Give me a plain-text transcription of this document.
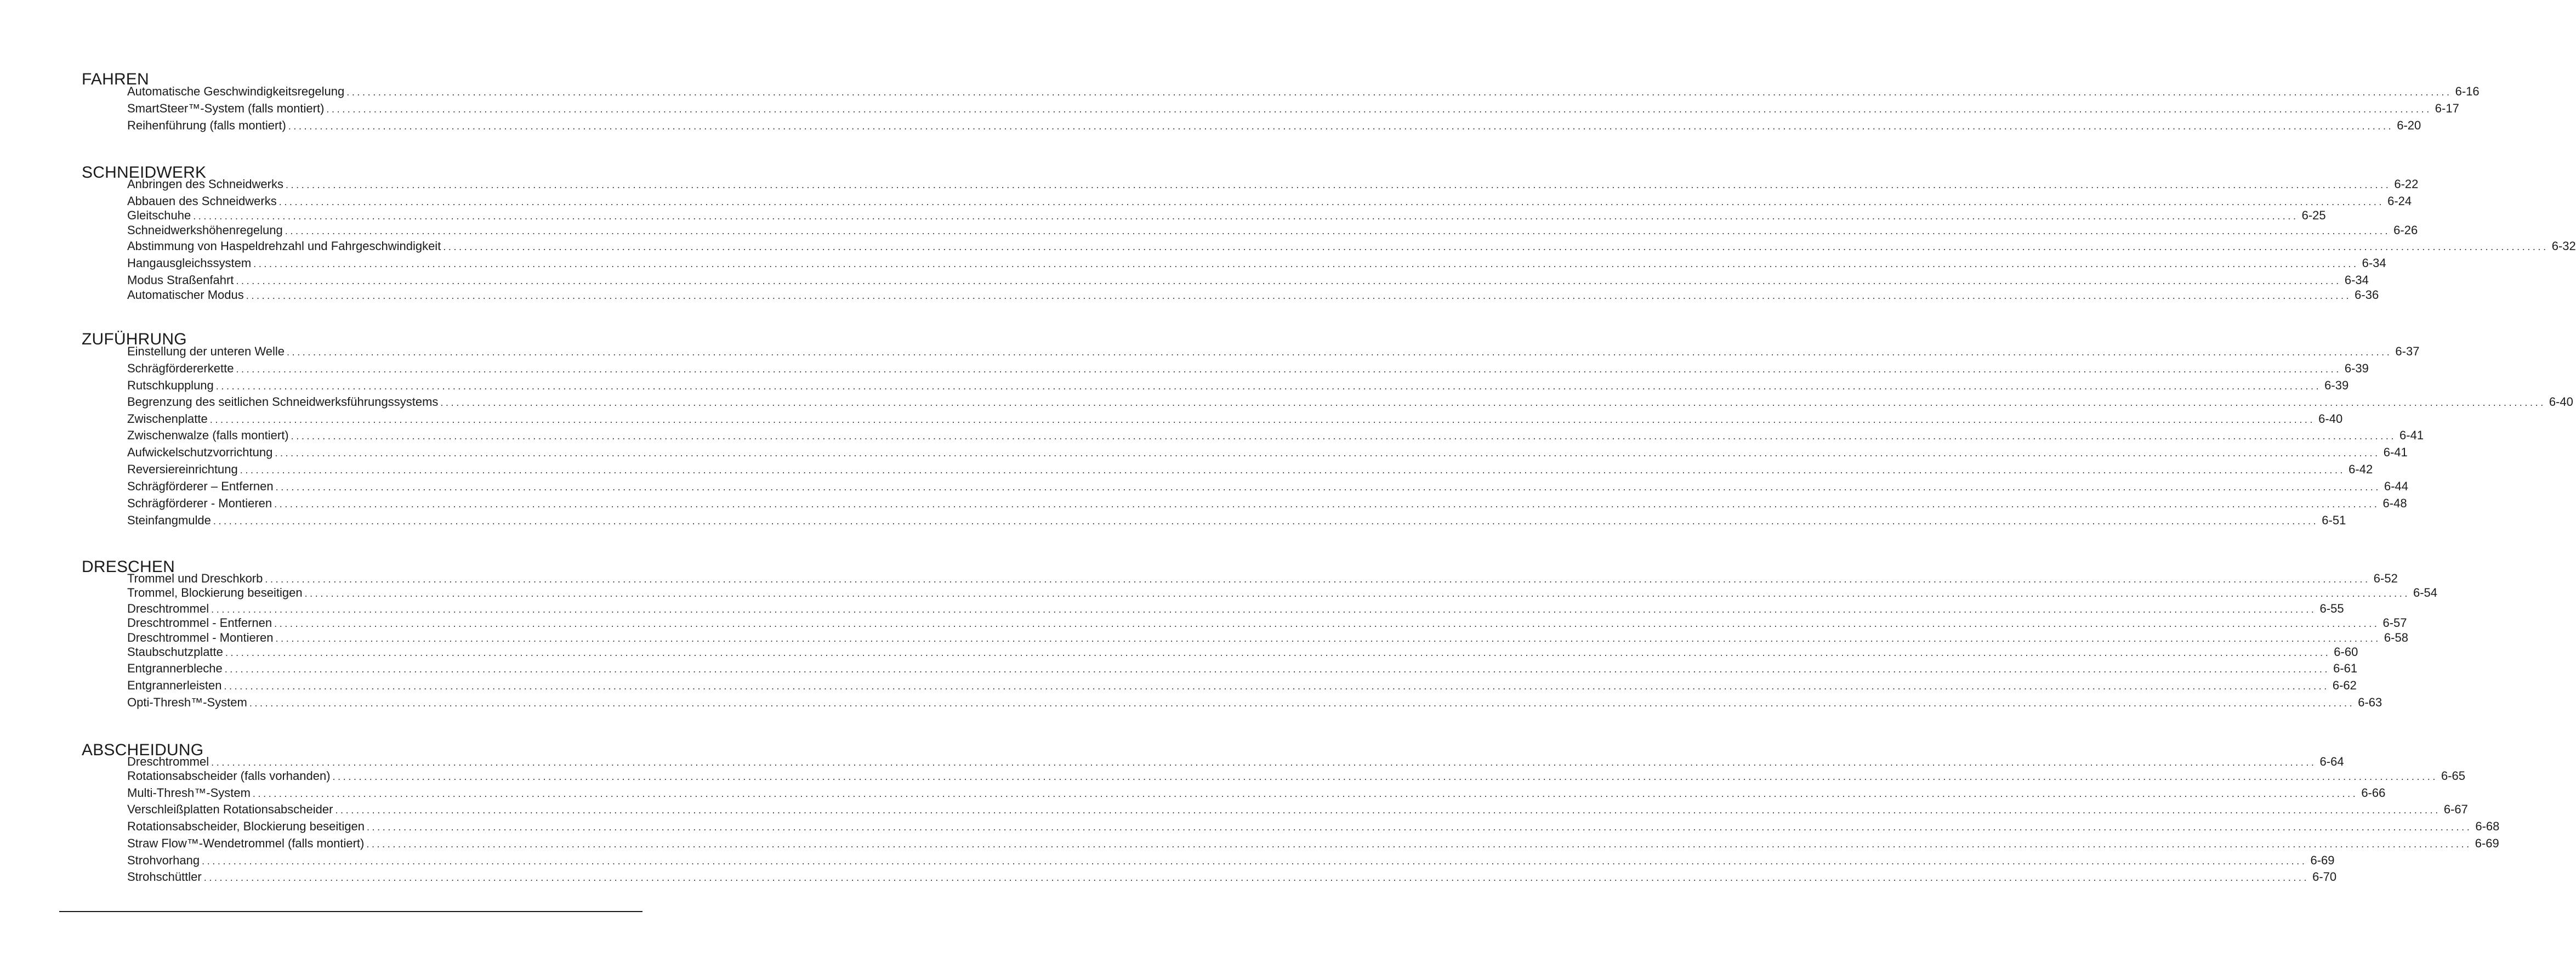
FAHREN
Automatische Geschwindigkeitsregelung ................................................................................................................................................................................................................................................................................................................................................................................................................ 6-16
SmartSteer™-System (falls montiert) ................................................................................................................................................................................................................................................................................................................................................................................................................ 6-17
Reihenführung (falls montiert) ................................................................................................................................................................................................................................................................................................................................................................................................................ 6-20
SCHNEIDWERK
Anbringen des Schneidwerks ................................................................................................................................................................................................................................................................................................................................................................................................................ 6-22
Abbauen des Schneidwerks ................................................................................................................................................................................................................................................................................................................................................................................................................ 6-24
Gleitschuhe ................................................................................................................................................................................................................................................................................................................................................................................................................ 6-25
Schneidwerkshöhenregelung ................................................................................................................................................................................................................................................................................................................................................................................................................ 6-26
Abstimmung von Haspeldrehzahl und Fahrgeschwindigkeit ................................................................................................................................................................................................................................................................................................................................................................................................................ 6-32
Hangausgleichssystem ................................................................................................................................................................................................................................................................................................................................................................................................................ 6-34
Modus Straßenfahrt ................................................................................................................................................................................................................................................................................................................................................................................................................ 6-34
Automatischer Modus ................................................................................................................................................................................................................................................................................................................................................................................................................ 6-36
ZUFÜHRUNG
Einstellung der unteren Welle ................................................................................................................................................................................................................................................................................................................................................................................................................ 6-37
Schrägfördererkette ................................................................................................................................................................................................................................................................................................................................................................................................................ 6-39
Rutschkupplung ................................................................................................................................................................................................................................................................................................................................................................................................................ 6-39
Begrenzung des seitlichen Schneidwerksführungssystems ................................................................................................................................................................................................................................................................................................................................................................................................................ 6-40
Zwischenplatte ................................................................................................................................................................................................................................................................................................................................................................................................................ 6-40
Zwischenwalze (falls montiert) ................................................................................................................................................................................................................................................................................................................................................................................................................ 6-41
Aufwickelschutzvorrichtung ................................................................................................................................................................................................................................................................................................................................................................................................................ 6-41
Reversiereinrichtung ................................................................................................................................................................................................................................................................................................................................................................................................................ 6-42
Schrägförderer – Entfernen ................................................................................................................................................................................................................................................................................................................................................................................................................ 6-44
Schrägförderer - Montieren ................................................................................................................................................................................................................................................................................................................................................................................................................ 6-48
Steinfangmulde ................................................................................................................................................................................................................................................................................................................................................................................................................ 6-51
DRESCHEN
Trommel und Dreschkorb ................................................................................................................................................................................................................................................................................................................................................................................................................ 6-52
Trommel, Blockierung beseitigen ................................................................................................................................................................................................................................................................................................................................................................................................................ 6-54
Dreschtrommel ................................................................................................................................................................................................................................................................................................................................................................................................................ 6-55
Dreschtrommel - Entfernen ................................................................................................................................................................................................................................................................................................................................................................................................................ 6-57
Dreschtrommel - Montieren ................................................................................................................................................................................................................................................................................................................................................................................................................ 6-58
Staubschutzplatte ................................................................................................................................................................................................................................................................................................................................................................................................................ 6-60
Entgrannerbleche ................................................................................................................................................................................................................................................................................................................................................................................................................ 6-61
Entgrannerleisten ................................................................................................................................................................................................................................................................................................................................................................................................................ 6-62
Opti-Thresh™-System ................................................................................................................................................................................................................................................................................................................................................................................................................ 6-63
ABSCHEIDUNG
Dreschtrommel ................................................................................................................................................................................................................................................................................................................................................................................................................ 6-64
Rotationsabscheider (falls vorhanden) ................................................................................................................................................................................................................................................................................................................................................................................................................ 6-65
Multi-Thresh™-System ................................................................................................................................................................................................................................................................................................................................................................................................................ 6-66
Verschleißplatten Rotationsabscheider ................................................................................................................................................................................................................................................................................................................................................................................................................ 6-67
Rotationsabscheider, Blockierung beseitigen ................................................................................................................................................................................................................................................................................................................................................................................................................ 6-68
Straw Flow™-Wendetrommel (falls montiert) ................................................................................................................................................................................................................................................................................................................................................................................................................ 6-69
Strohvorhang ................................................................................................................................................................................................................................................................................................................................................................................................................ 6-69
Strohschüttler ................................................................................................................................................................................................................................................................................................................................................................................................................ 6-70
